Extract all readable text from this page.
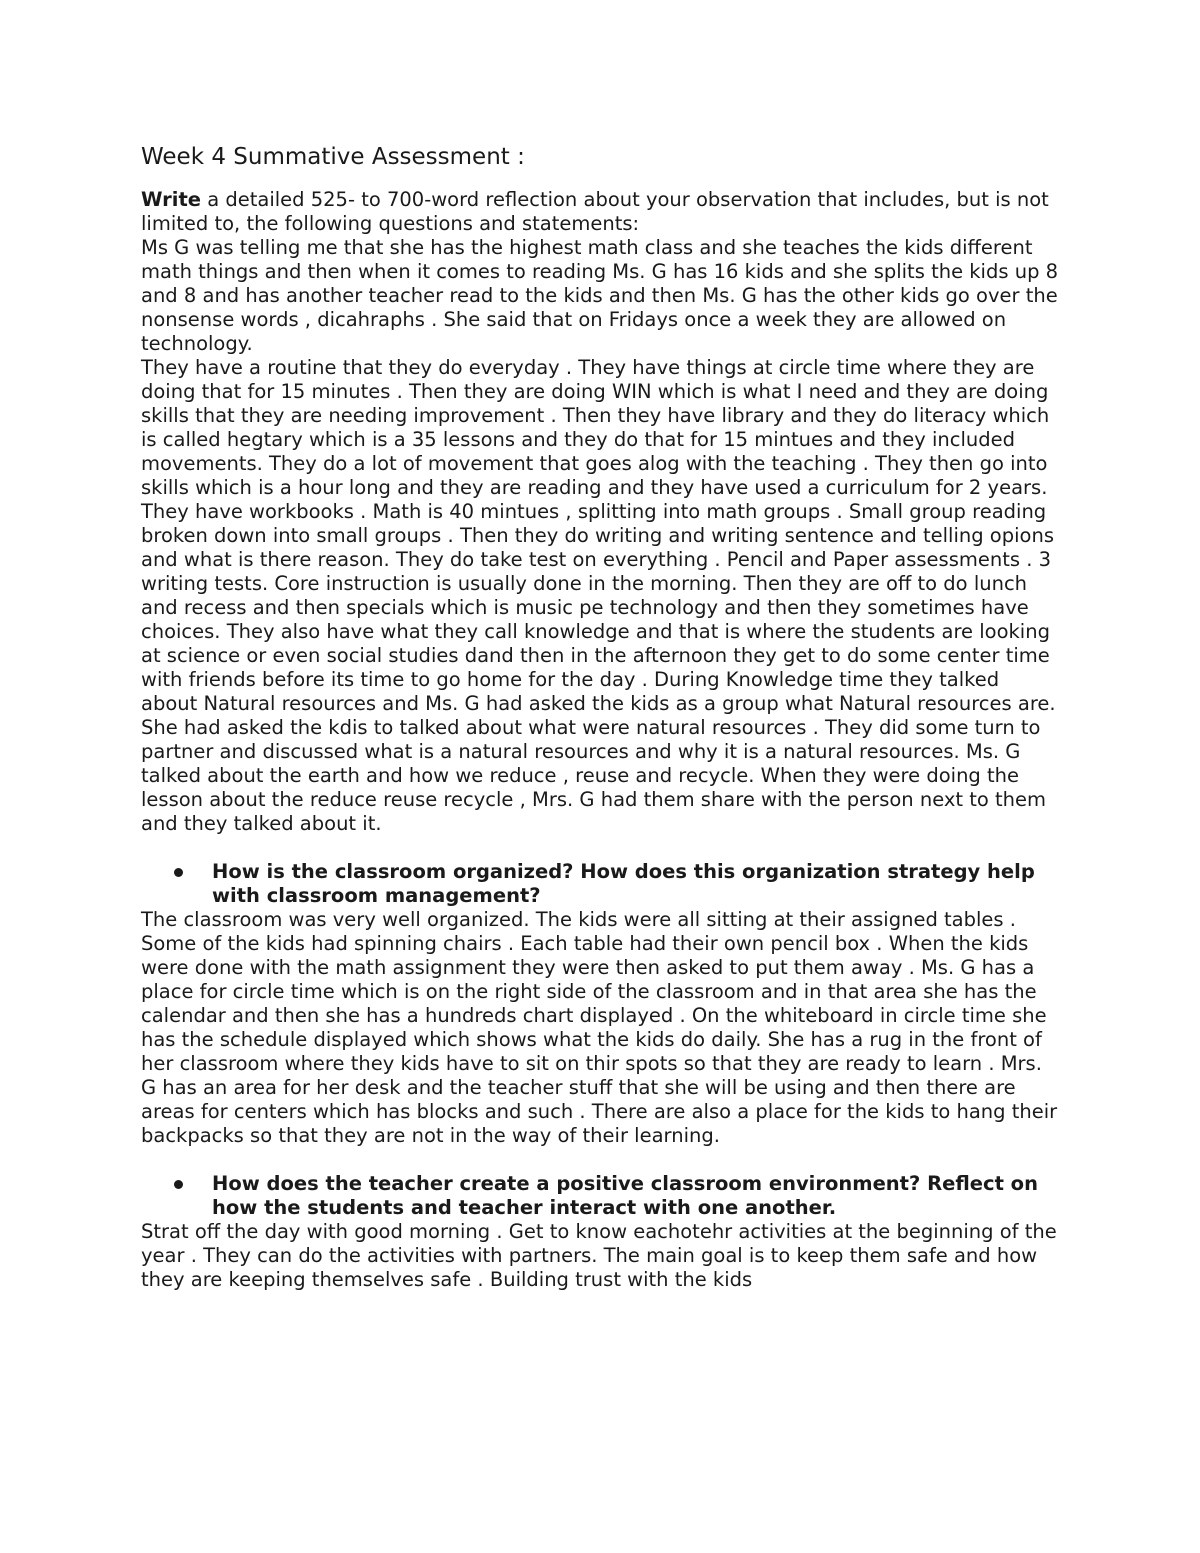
Week 4 Summative Assessment :

Write a detailed 525- to 700-word reflection about your observation that includes, but is not limited to, the following questions and statements:

Ms G was telling me that she has the highest math class and she teaches the kids different math things and then when it comes to reading Ms. G has 16 kids and she splits the kids up 8 and 8 and has another teacher read to the kids and then Ms. G has the other kids go over the nonsense words , dicahraphs . She said that on Fridays once a week they are allowed on technology.

They have a routine that they do everyday . They have things at circle time where they are doing that for 15 minutes . Then they are doing WIN which is what I need and they are doing skills that they are needing improvement . Then they have library and they do literacy which is called hegtary which is a 35 lessons and they do that for 15 mintues and they included movements. They do a lot of movement that goes alog with the teaching . They then go into skills which is a hour long and they are reading and they have used a curriculum for 2 years. They have workbooks . Math is 40 mintues , splitting into math groups . Small group reading broken down into small groups . Then they do writing and writing sentence and telling opions and what is there reason. They do take test on everything . Pencil and Paper assessments . 3 writing tests. Core instruction is usually done in the morning. Then they are off to do lunch and recess and then specials which is music pe technology and then they sometimes have choices. They also have what they call knowledge and that is where the students are looking at science or even social studies dand then in the afternoon they get to do some center time with friends before its time to go home for the day . During Knowledge time they talked about Natural resources and Ms. G had asked the kids as a group what Natural resources are. She had asked the kdis to talked about what were natural resources . They did some turn to partner and discussed what is a natural resources and why it is a natural resources. Ms. G talked about the earth and how we reduce , reuse and recycle. When they were doing the lesson about the reduce reuse recycle , Mrs. G had them share with the person next to them and they talked about it.

How is the classroom organized? How does this organization strategy help with classroom management?

The classroom was very well organized. The kids were all sitting at their assigned tables . Some of the kids had spinning chairs . Each table had their own pencil box . When the kids were done with the math assignment they were then asked to put them away . Ms. G has a place for circle time which is on the right side of the classroom and in that area she has the calendar and then she has a hundreds chart displayed . On the whiteboard in circle time she has the schedule displayed which shows what the kids do daily. She has a rug in the front of her classroom where they kids have to sit on thir spots so that they are ready to learn . Mrs. G has an area for her desk and the teacher stuff that she will be using and then there are areas for centers which has blocks and such . There are also a place for the kids to hang their backpacks so that they are not in the way of their learning.

How does the teacher create a positive classroom environment? Reflect on how the students and teacher interact with one another.

Strat off the day with good morning . Get to know eachotehr activities at the beginning of the year . They can do the activities with partners. The main goal is to keep them safe and how they are keeping themselves safe . Building trust with the kids
